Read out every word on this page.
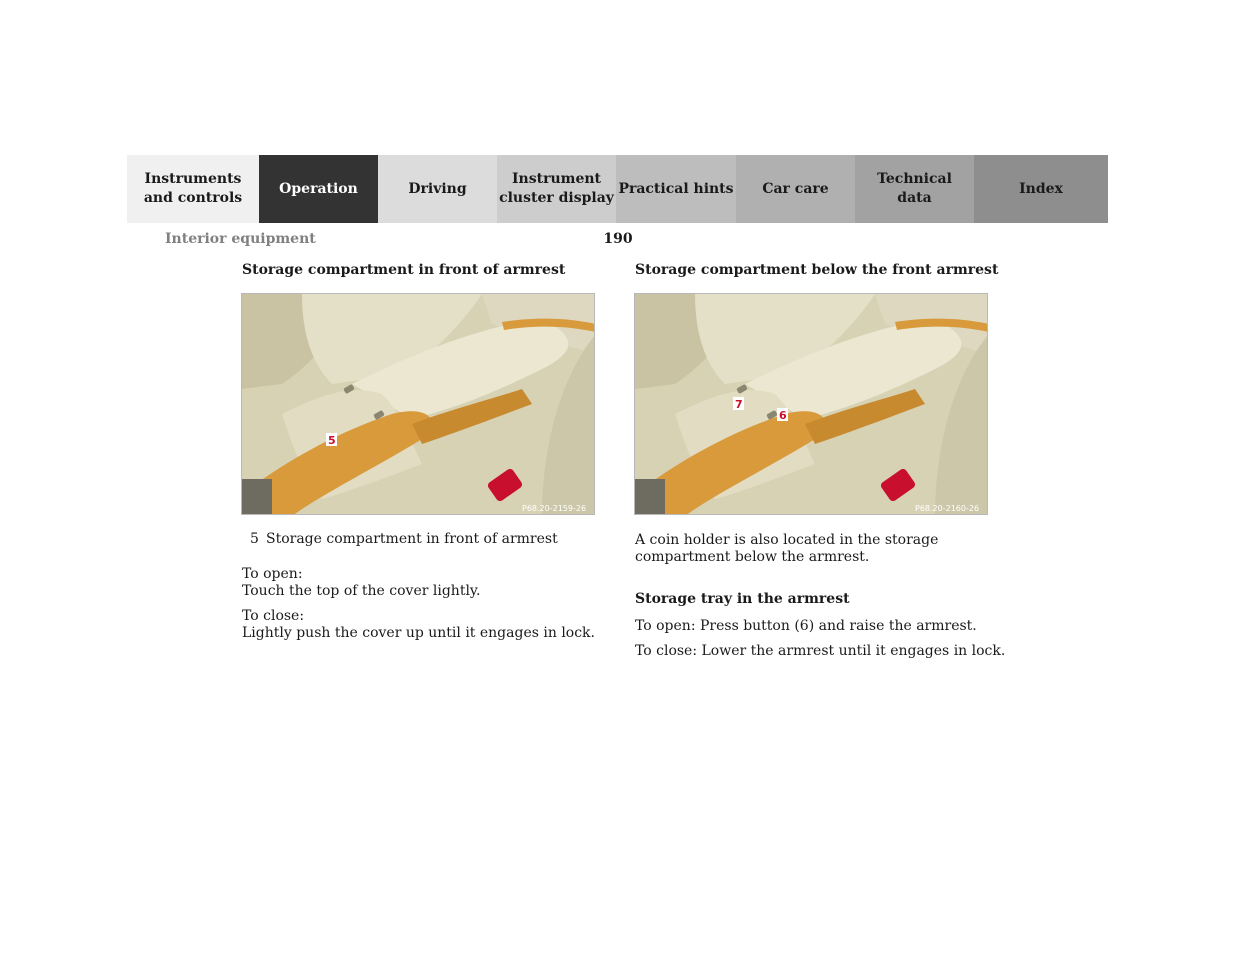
Instruments
and controls
Operation	Driving
Instrument
cluster display
Practical hints	Car care
Technical
data
Index
Interior equipment	190
Storage compartment in front of armrest
5
P68.20-2159-26
5 Storage compartment in front of armrest
To open:
Touch the top of the cover lightly.
To close:
Lightly push the cover up until it engages in lock.
Storage compartment below the front armrest
7
6
P68.20-2160-26
A coin holder is also located in the storage compartment below the armrest.
Storage tray in the armrest
To open: Press button (6) and raise the armrest.
To close: Lower the armrest until it engages in lock.
